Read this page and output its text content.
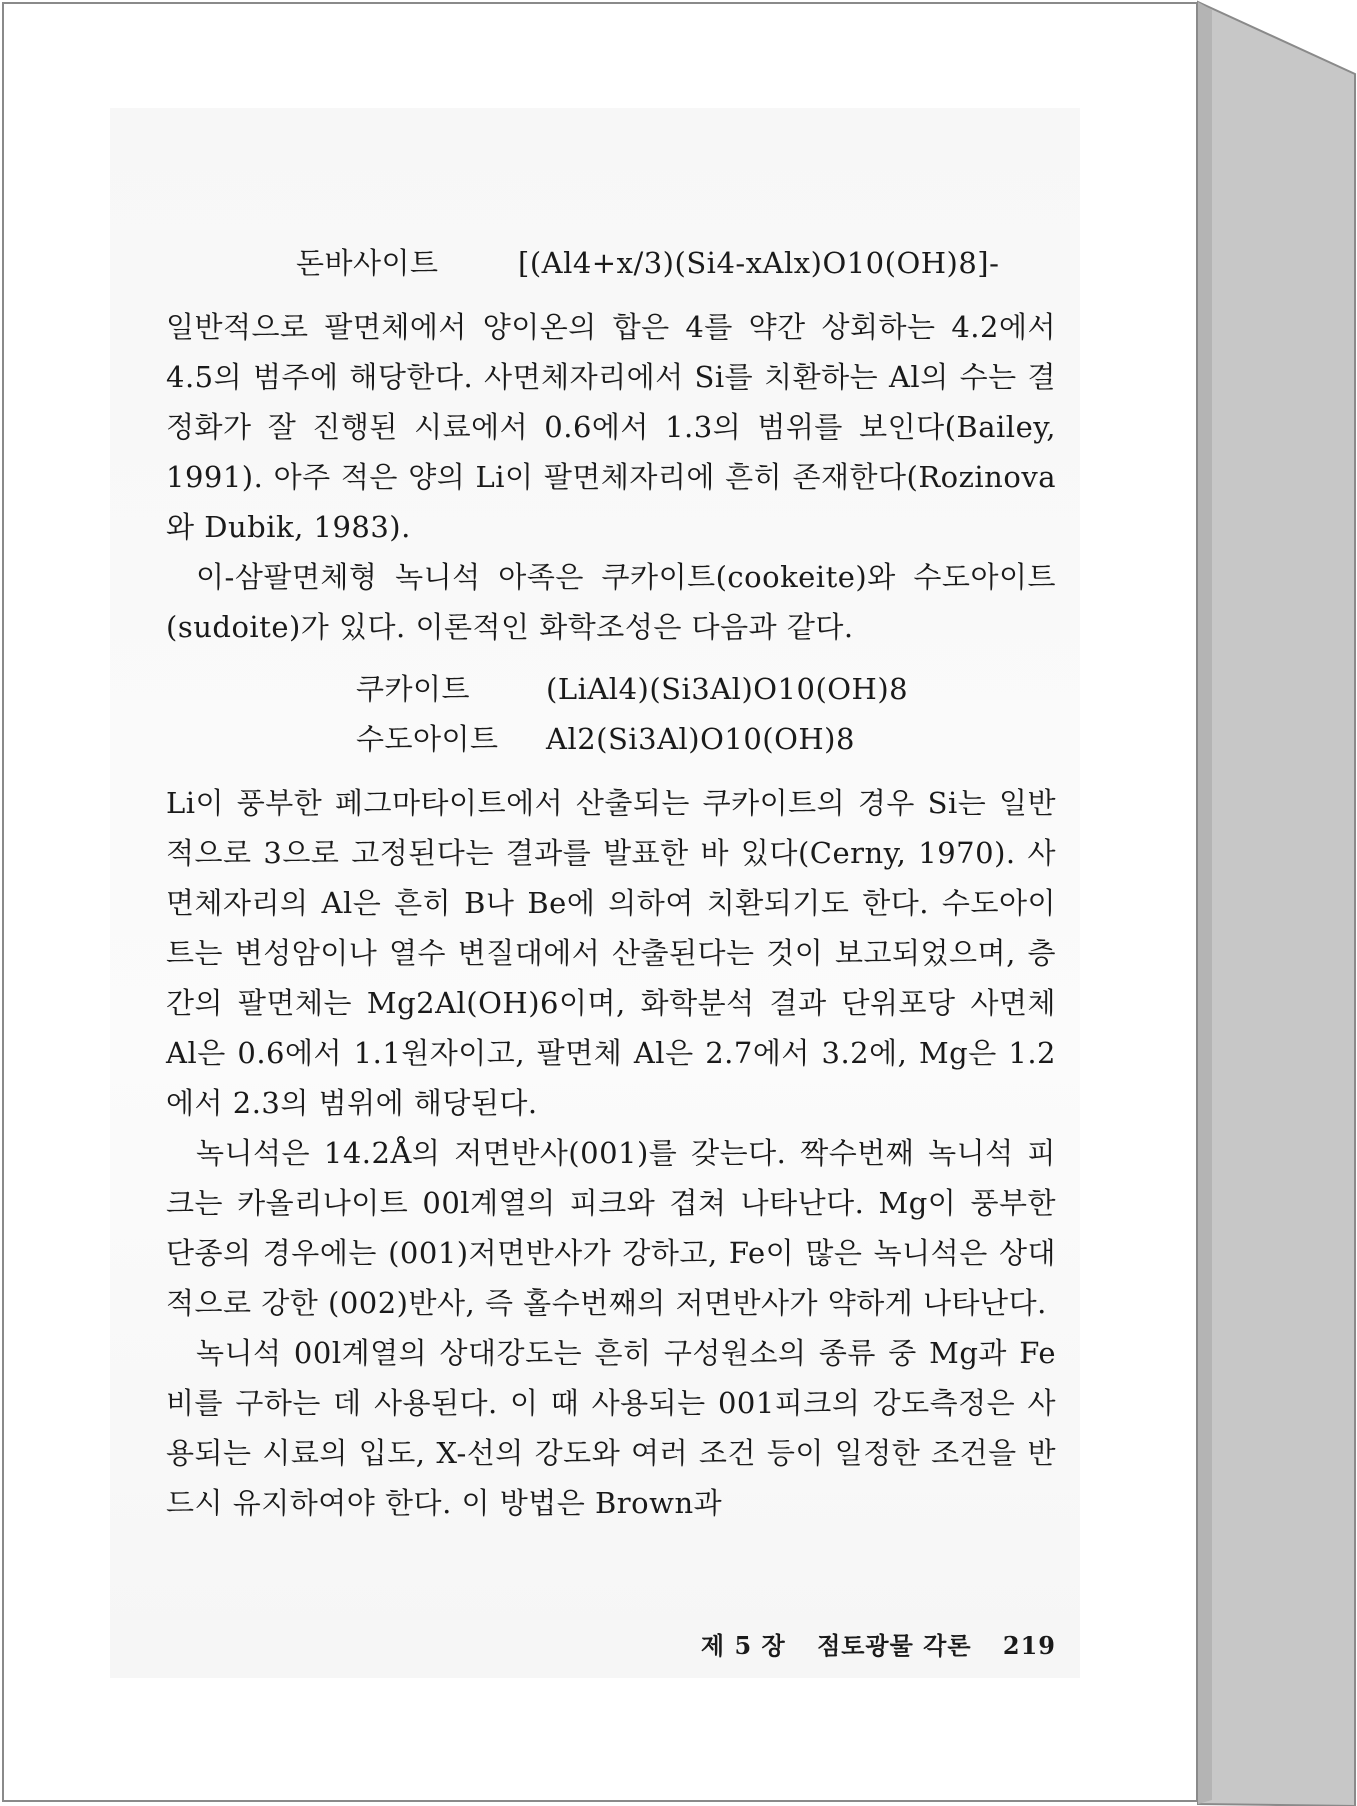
돈바사이트	[(Al4+x/3)(Si4-xAlx)O10(OH)8]-
일반적으로 팔면체에서 양이온의 합은 4를 약간 상회하는 4.2에서 4.5의 범주에 해당한다. 사면체자리에서 Si를 치환하는 Al의 수는 결정화가 잘 진행된 시료에서 0.6에서 1.3의 범위를 보인다(Bailey, 1991). 아주 적은 양의 Li이 팔면체자리에 흔히 존재한다(Rozinova와 Dubik, 1983).
이-삼팔면체형 녹니석 아족은 쿠카이트(cookeite)와 수도아이트(sudoite)가 있다. 이론적인 화학조성은 다음과 같다.
쿠카이트	(LiAl4)(Si3Al)O10(OH)8
수도아이트	Al2(Si3Al)O10(OH)8
Li이 풍부한 페그마타이트에서 산출되는 쿠카이트의 경우 Si는 일반적으로 3으로 고정된다는 결과를 발표한 바 있다(Cerny, 1970). 사면체자리의 Al은 흔히 B나 Be에 의하여 치환되기도 한다. 수도아이트는 변성암이나 열수 변질대에서 산출된다는 것이 보고되었으며, 층간의 팔면체는 Mg2Al(OH)6이며, 화학분석 결과 단위포당 사면체 Al은 0.6에서 1.1원자이고, 팔면체 Al은 2.7에서 3.2에, Mg은 1.2에서 2.3의 범위에 해당된다.
녹니석은 14.2Å의 저면반사(001)를 갖는다. 짝수번째 녹니석 피크는 카올리나이트 00l계열의 피크와 겹쳐 나타난다. Mg이 풍부한 단종의 경우에는 (001)저면반사가 강하고, Fe이 많은 녹니석은 상대적으로 강한 (002)반사, 즉 홀수번째의 저면반사가 약하게 나타난다.
녹니석 00l계열의 상대강도는 흔히 구성원소의 종류 중 Mg과 Fe비를 구하는 데 사용된다. 이 때 사용되는 001피크의 강도측정은 사용되는 시료의 입도, X-선의 강도와 여러 조건 등이 일정한 조건을 반드시 유지하여야 한다. 이 방법은 Brown과
제 5 장 점토광물 각론 219
